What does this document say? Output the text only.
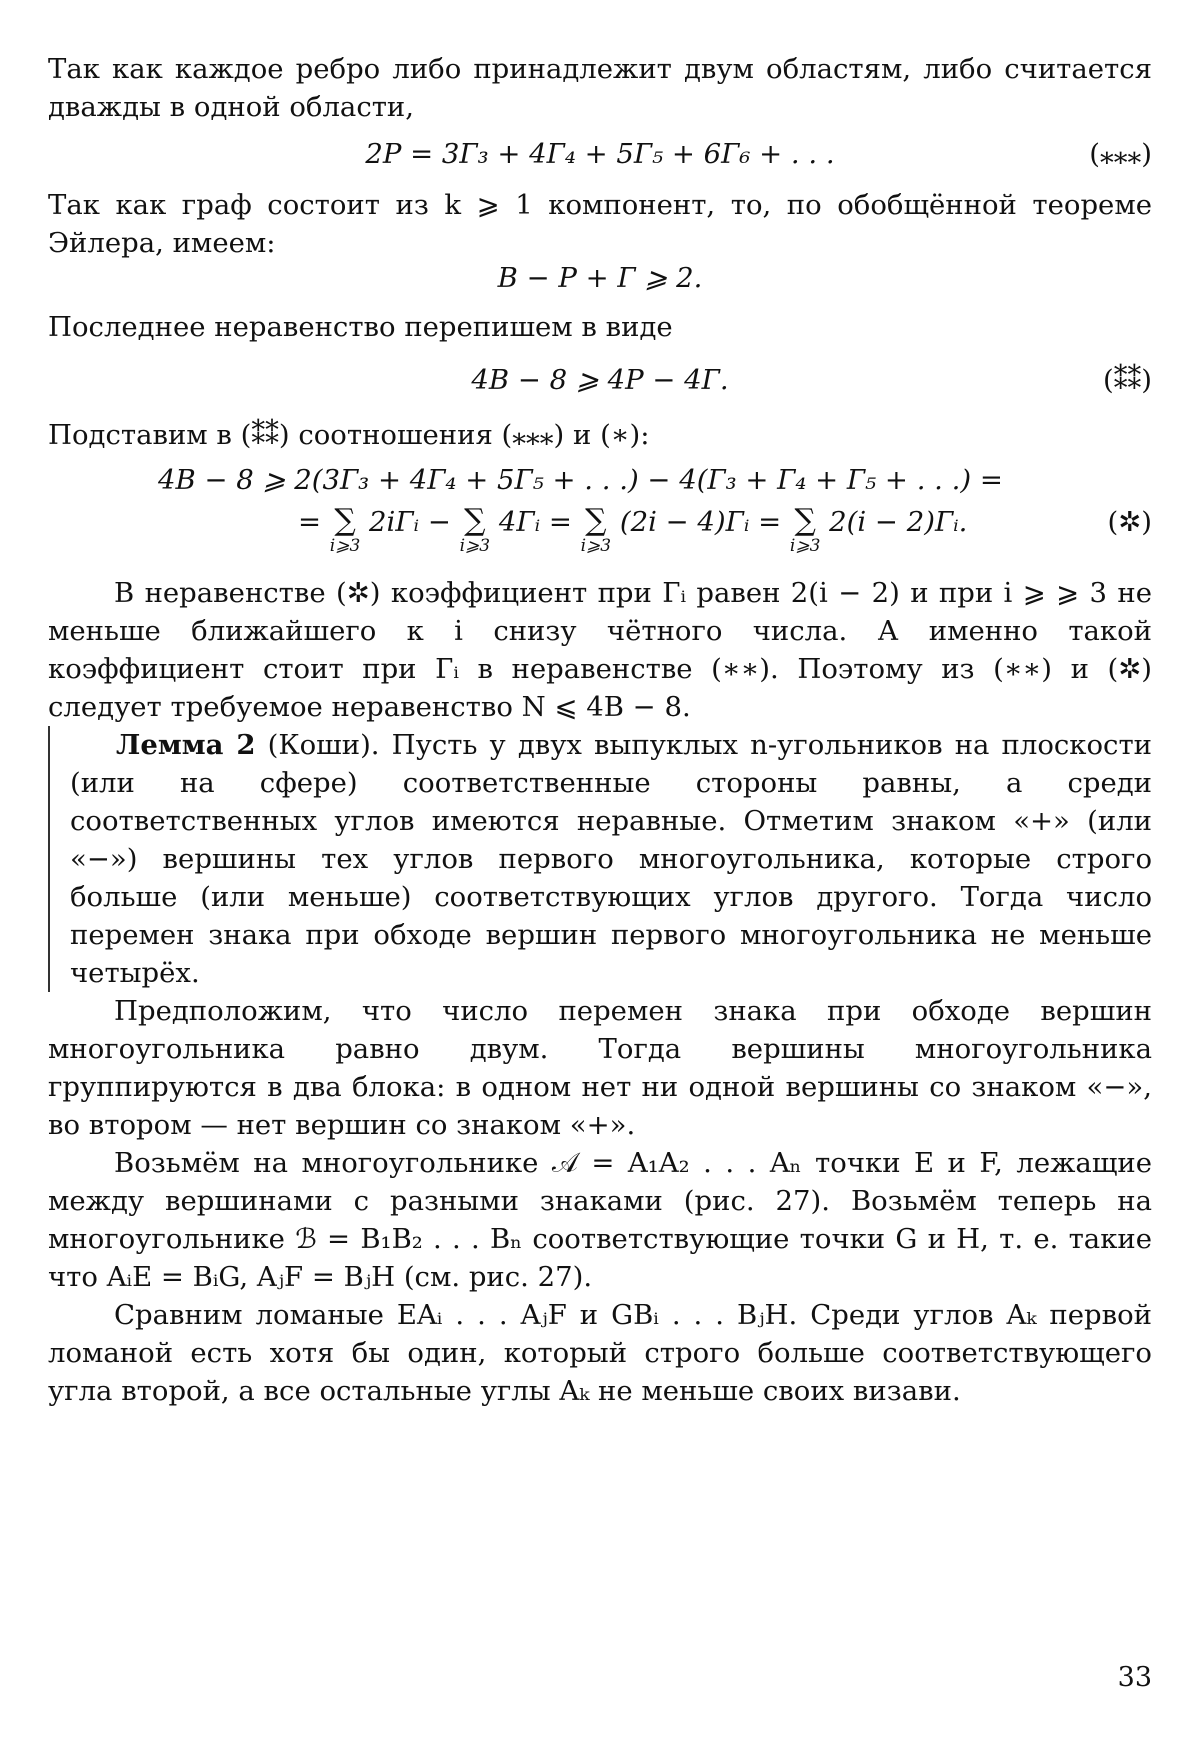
Так как каждое ребро либо принадлежит двум областям, либо считается дважды в одной области,

2P = 3Г₃ + 4Г₄ + 5Г₅ + 6Г₆ + . . .	(⁎⁎⁎)

Так как граф состоит из k ⩾ 1 компонент, то, по обобщённой теореме Эйлера, имеем:

В − Р + Г ⩾ 2.

Последнее неравенство перепишем в виде

4В − 8 ⩾ 4Р − 4Г.	(⁑⁑)

Подставим в (⁑⁑) соотношения (⁎⁎⁎) и (∗):

4В − 8 ⩾ 2(3Г₃ + 4Г₄ + 5Г₅ + . . .) − 4(Г₃ + Г₄ + Г₅ + . . .) =
= ∑
i⩾3
2iГᵢ − ∑
i⩾3
4Гᵢ = ∑
i⩾3
(2i − 4)Гᵢ = ∑
i⩾3
2(i − 2)Гᵢ.	(✲)

В неравенстве (✲) коэффициент при Гᵢ равен 2(i − 2) и при i ⩾ ⩾ 3 не меньше ближайшего к i снизу чётного числа. А именно такой коэффициент стоит при Гᵢ в неравенстве (∗∗). Поэтому из (∗∗) и (✲) следует требуемое неравенство N ⩽ 4В − 8.

Лемма 2 (Коши). Пусть у двух выпуклых n-угольников на плоскости (или на сфере) соответственные стороны равны, а среди соответственных углов имеются неравные. Отметим знаком «+» (или «−») вершины тех углов первого многоугольника, которые строго больше (или меньше) соответствующих углов другого. Тогда число перемен знака при обходе вершин первого многоугольника не меньше четырёх.

Предположим, что число перемен знака при обходе вершин многоугольника равно двум. Тогда вершины многоугольника группируются в два блока: в одном нет ни одной вершины со знаком «−», во втором — нет вершин со знаком «+».

Возьмём на многоугольнике 𝒜 = A₁A₂ . . . Aₙ точки E и F, лежащие между вершинами с разными знаками (рис. 27). Возьмём теперь на многоугольнике ℬ = B₁B₂ . . . Bₙ соответствующие точки G и H, т. е. такие что AᵢE = BᵢG, AⱼF = BⱼH (см. рис. 27).

Сравним ломаные EAᵢ . . . AⱼF и GBᵢ . . . BⱼH. Среди углов Aₖ первой ломаной есть хотя бы один, который строго больше соответствующего угла второй, а все остальные углы Aₖ не меньше своих визави.

33
